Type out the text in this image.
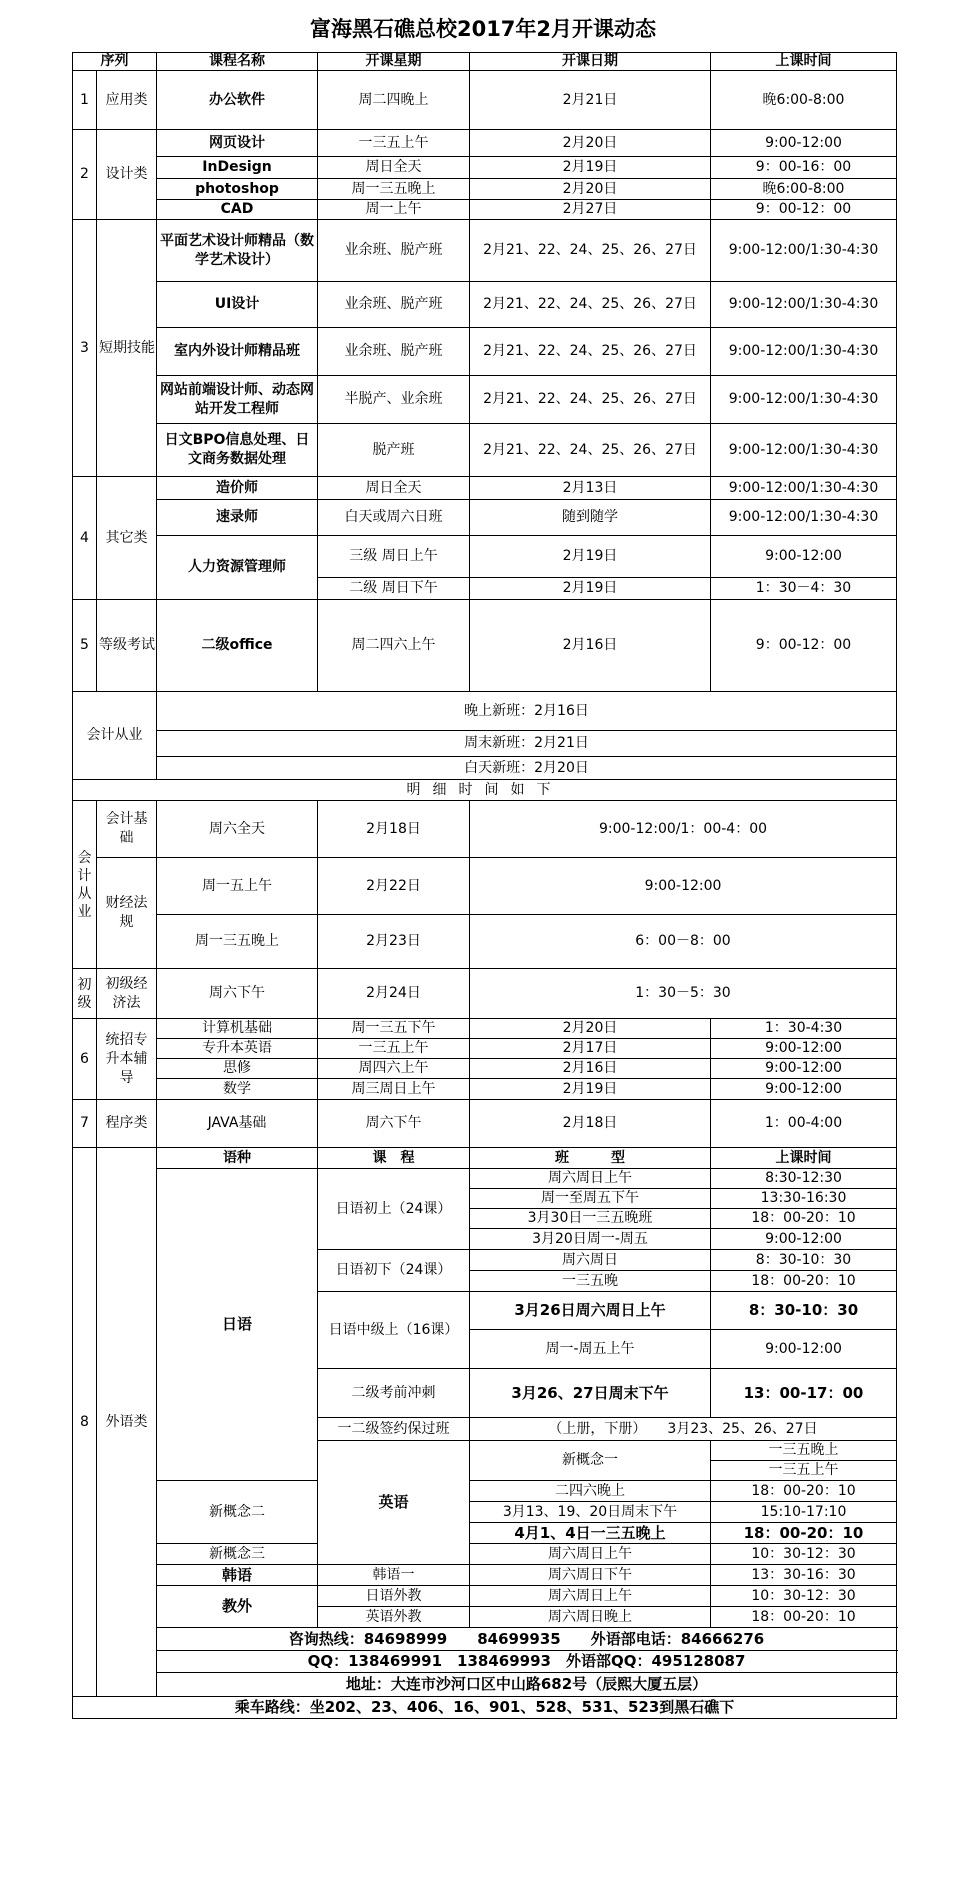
富海黑石礁总校2017年2月开课动态
序列		课程名称	开课星期	开课日期	上课时间	
1	应用类	办公软件	周二四晚上	2月21日	晚6:00-8:00	
2	设计类	网页设计	一三五上午	2月20日	9:00-12:00	
		InDesign	周日全天	2月19日	9：00-16：00	
		photoshop	周一三五晚上	2月20日	晚6:00-8:00	
		CAD	周一上午	2月27日	9：00-12：00	
3	短期技能	平面艺术设计师精品（数学艺术设计）	业余班、脱产班	2月21、22、24、25、26、27日	9:00-12:00/1:30-4:30	
		UI设计	业余班、脱产班	2月21、22、24、25、26、27日	9:00-12:00/1:30-4:30	
		室内外设计师精品班	业余班、脱产班	2月21、22、24、25、26、27日	9:00-12:00/1:30-4:30	
		网站前端设计师、动态网站开发工程师	半脱产、业余班	2月21、22、24、25、26、27日	9:00-12:00/1:30-4:30	
		日文BPO信息处理、日文商务数据处理	脱产班	2月21、22、24、25、26、27日	9:00-12:00/1:30-4:30	
4	其它类	造价师	周日全天	2月13日	9:00-12:00/1:30-4:30	
		速录师	白天或周六日班	随到随学	9:00-12:00/1:30-4:30	
		人力资源管理师	三级 周日上午	2月19日	9:00-12:00	
			二级 周日下午	2月19日	1：30－4：30	
5	等级考试	二级office	周二四六上午	2月16日	9：00-12：00	
会计从业		晚上新班：2月16日				
		周末新班：2月21日				
		白天新班：2月20日				
明细时间如下						
会计从业	会计基础	周六全天	2月18日	9:00-12:00/1：00-4：00		
	财经法规	周一五上午	2月22日	9:00-12:00		
		周一三五晚上	2月23日	6：00－8：00		
初级	初级经济法	周六下午	2月24日	1：30－5：30		
6	统招专升本辅导	计算机基础	周一三五下午	2月20日	1：30-4:30	
		专升本英语	一三五上午	2月17日	9:00-12:00	
		思修	周四六上午	2月16日	9:00-12:00	
		数学	周三周日上午	2月19日	9:00-12:00	
7	程序类	JAVA基础	周六下午	2月18日	1：00-4:00	
8	外语类	语种	课　程	班　　　型	上课时间	
		日语	日语初上（24课）	周六周日上午	8:30-12:30	
				周一至周五下午	13:30-16:30	
				3月30日一三五晚班	18：00-20：10	
				3月20日周一-周五	9:00-12:00	
			日语初下（24课）	周六周日	8：30-10：30	
				一三五晚	18：00-20：10	
			日语中级上（16课）	3月26日周六周日上午	8：30-10：30	
				周一-周五上午	9:00-12:00	
			二级考前冲刺	3月26、27日周末下午	13：00-17：00	
			一二级签约保过班	（上册，下册）　　3月23、25、26、27日		
			英语	新概念一	一三五晚上	
					一三五上午	
		新概念二		二四六晚上	18：00-20：10	
				3月13、19、20日周末下午	15:10-17:10	
				4月1、4日一三五晚上	18：00-20：10	
		新概念三		周六周日上午	10：30-12：30	
		韩语	韩语一	周六周日下午	13：30-16：30	
		教外	日语外教	周六周日上午	10：30-12：30	
			英语外教	周六周日晚上	18：00-20：10	
		咨询热线：84698999　　84699935　　外语部电话：84666276				
		QQ：138469991　138469993　外语部QQ：495128087				
		地址：大连市沙河口区中山路682号（辰熙大厦五层）				
乘车路线：坐202、23、406、16、901、528、531、523到黑石礁下						
